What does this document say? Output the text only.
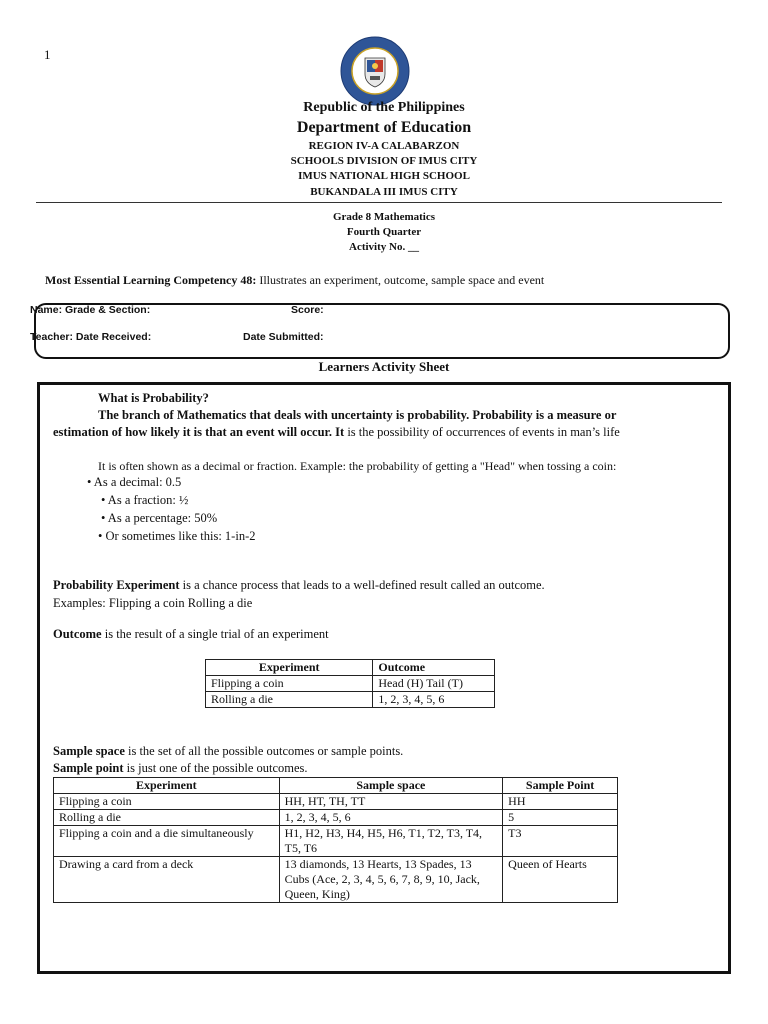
1
Republic of the Philippines
Department of Education
REGION IV-A CALABARZON
SCHOOLS DIVISION OF IMUS CITY
IMUS NATIONAL HIGH SCHOOL
BUKANDALA III IMUS CITY
Grade 8 Mathematics
Fourth Quarter
Activity No. __
Most Essential Learning Competency 48: Illustrates an experiment, outcome, sample space and event
Name: Grade & Section:	Score:
Teacher: Date Received:	Date Submitted:
Learners Activity Sheet
What is Probability?
The branch of Mathematics that deals with uncertainty is probability. Probability is a measure or
estimation of how likely it is that an event will occur. It is the possibility of occurrences of events in man’s life
It is often shown as a decimal or fraction. Example: the probability of getting a "Head" when tossing a coin:
• As a decimal: 0.5
• As a fraction: ½
• As a percentage: 50%
• Or sometimes like this: 1-in-2
Probability Experiment is a chance process that leads to a well-defined result called an outcome.
Examples: Flipping a coin Rolling a die
Outcome is the result of a single trial of an experiment
Experiment	Outcome
Flipping a coin	Head (H) Tail (T)
Rolling a die	1, 2, 3, 4, 5, 6
Sample space is the set of all the possible outcomes or sample points.
Sample point is just one of the possible outcomes.
Experiment	Sample space	Sample Point
Flipping a coin	HH, HT, TH, TT	HH
Rolling a die	1, 2, 3, 4, 5, 6	5
Flipping a coin and a die simultaneously	H1, H2, H3, H4, H5, H6, T1, T2, T3, T4, T5, T6	T3
Drawing a card from a deck	13 diamonds, 13 Hearts, 13 Spades, 13 Cubs (Ace, 2, 3, 4, 5, 6, 7, 8, 9, 10, Jack, Queen, King)	Queen of Hearts
